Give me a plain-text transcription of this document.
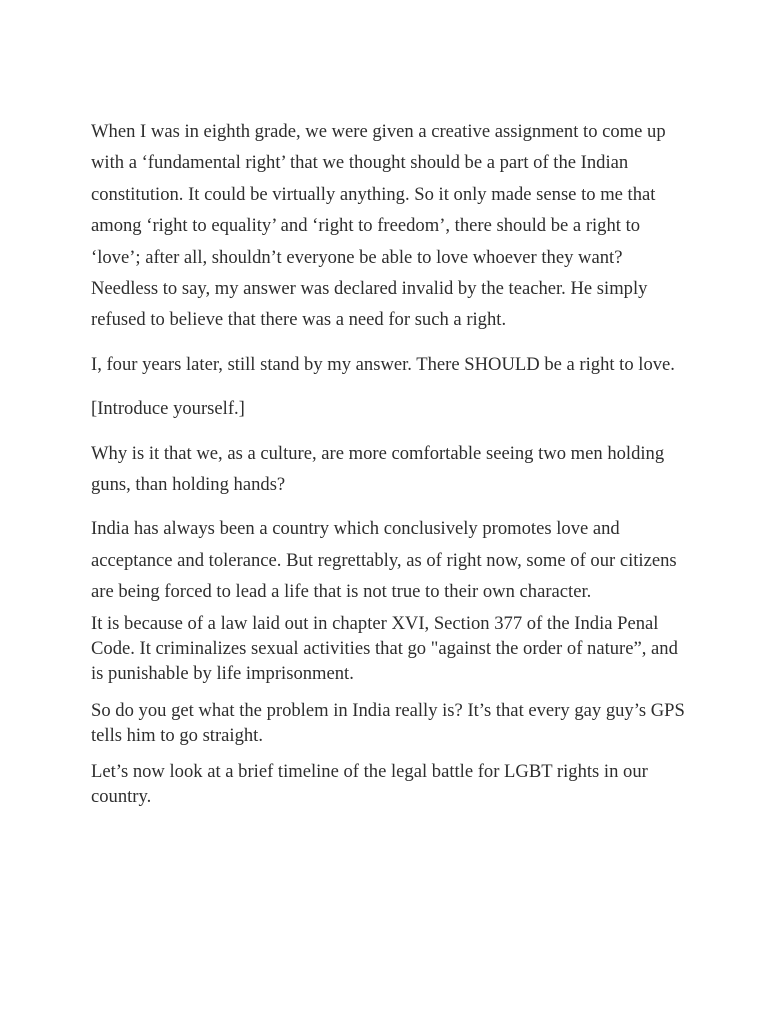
When I was in eighth grade, we were given a creative assignment to come up with a ‘fundamental right’ that we thought should be a part of the Indian constitution. It could be virtually anything. So it only made sense to me that among ‘right to equality’ and ‘right to freedom’, there should be a right to ‘love’; after all, shouldn’t everyone be able to love whoever they want? Needless to say, my answer was declared invalid by the teacher. He simply refused to believe that there was a need for such a right.

I, four years later, still stand by my answer. There SHOULD be a right to love.

[Introduce yourself.]

Why is it that we, as a culture, are more comfortable seeing two men holding guns, than holding hands?

India has always been a country which conclusively promotes love and acceptance and tolerance. But regrettably, as of right now, some of our citizens are being forced to lead a life that is not true to their own character.

It is because of a law laid out in chapter XVI, Section 377 of the India Penal Code. It criminalizes sexual activities that go "against the order of nature”, and is punishable by life imprisonment.

So do you get what the problem in India really is? It’s that every gay guy’s GPS tells him to go straight.

Let’s now look at a brief timeline of the legal battle for LGBT rights in our country.
